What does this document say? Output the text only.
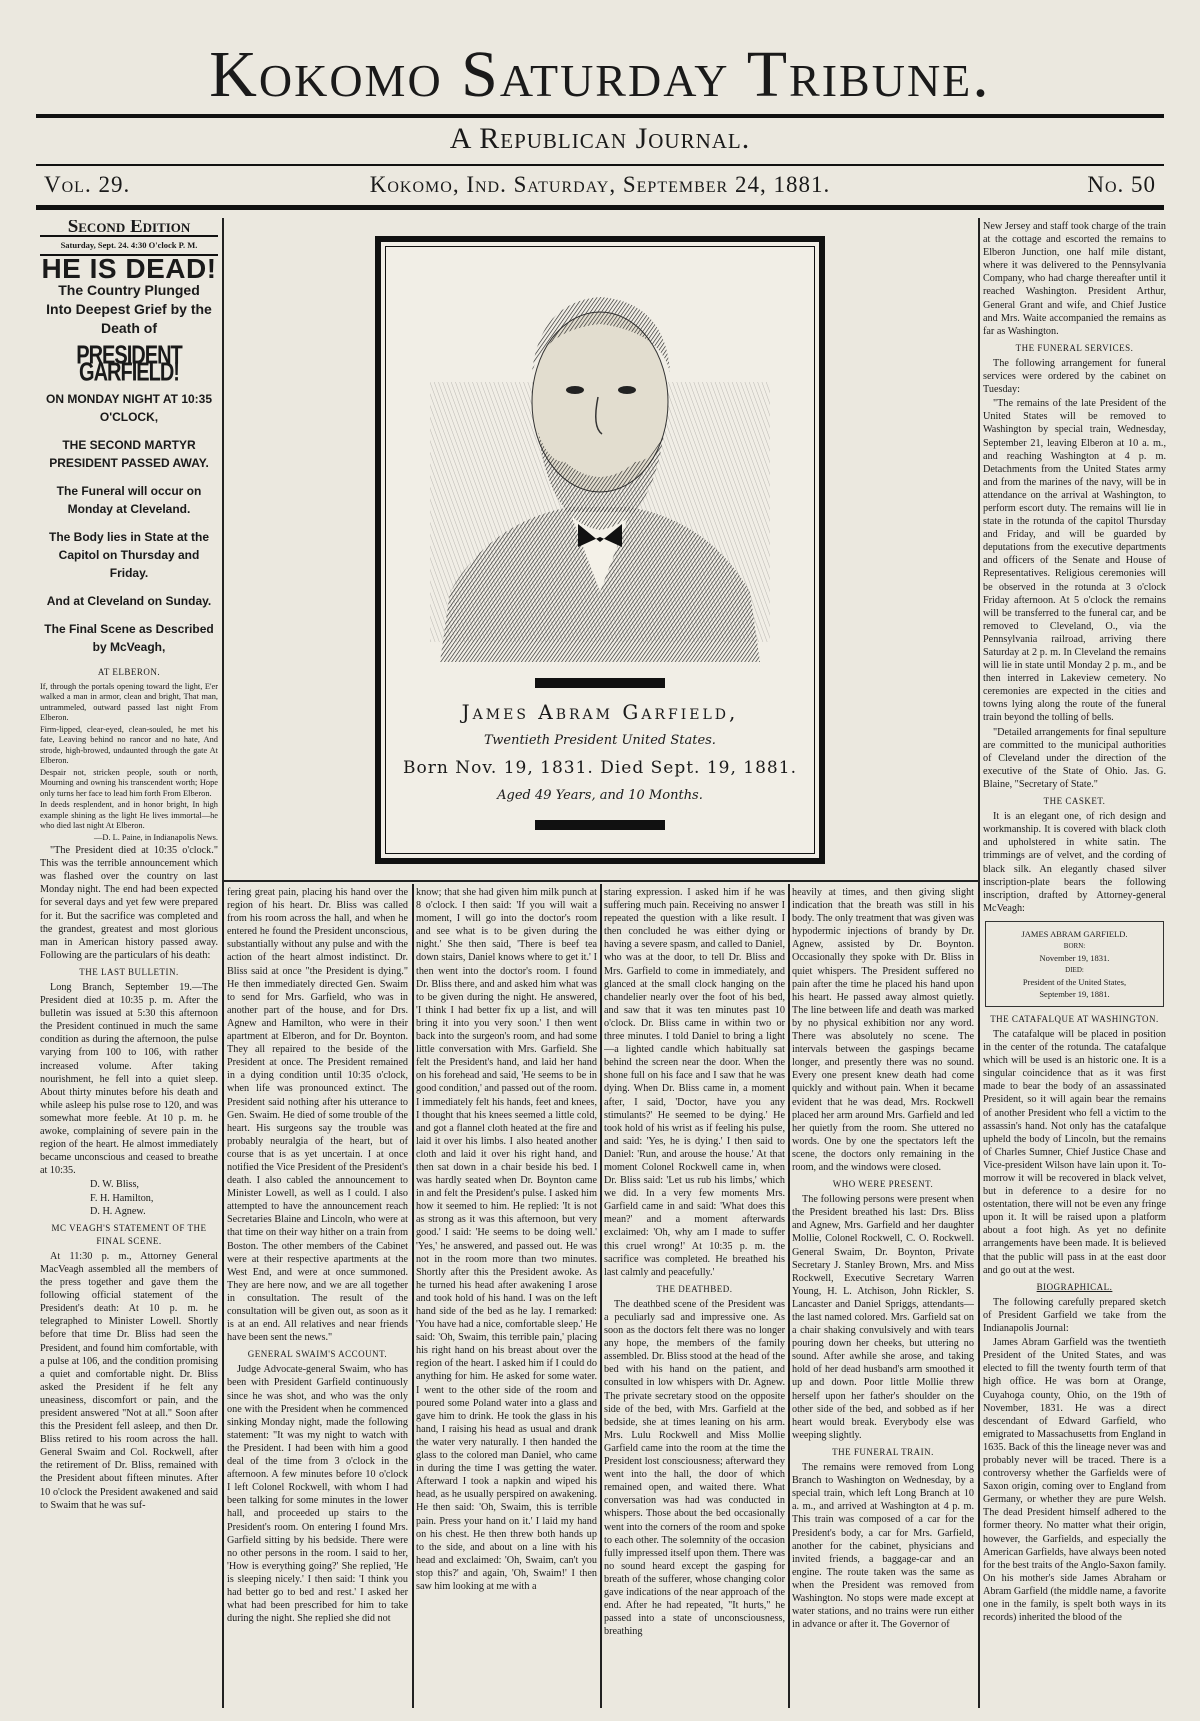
Kokomo Saturday Tribune.
A Republican Journal.
Vol. 29.	Kokomo, Ind. Saturday, September 24, 1881.	No. 50
Second Edition
Saturday, Sept. 24. 4:30 O'clock P. M.
HE IS DEAD!
The Country Plunged Into Deepest Grief by the Death of
PRESIDENT GARFIELD!
ON MONDAY NIGHT AT 10:35 O'CLOCK,
THE SECOND MARTYR PRESIDENT PASSED AWAY.
The Funeral will occur on Monday at Cleveland.
The Body lies in State at the Capitol on Thursday and Friday.
And at Cleveland on Sunday.
The Final Scene as Described by McVeagh,
AT ELBERON.

If, through the portals opening toward the light, E'er walked a man in armor, clean and bright, That man, untrammeled, outward passed last night From Elberon.

Firm-lipped, clear-eyed, clean-souled, he met his fate, Leaving behind no rancor and no hate, And strode, high-browed, undaunted through the gate At Elberon.

Despair not, stricken people, south or north, Mourning and owning his transcendent worth; Hope only turns her face to lead him forth From Elberon.

In deeds resplendent, and in honor bright, In high example shining as the light He lives immortal—he who died last night At Elberon.

—D. L. Paine, in Indianapolis News.

"The President died at 10:35 o'clock." This was the terrible announcement which was flashed over the country on last Monday night. The end had been expected for several days and yet few were prepared for it. But the sacrifice was completed and the grandest, greatest and most glorious man in American history passed away. Following are the particulars of his death:

THE LAST BULLETIN.

Long Branch, September 19.—The President died at 10:35 p. m. After the bulletin was issued at 5:30 this afternoon the President continued in much the same condition as during the afternoon, the pulse varying from 100 to 106, with rather increased volume. After taking nourishment, he fell into a quiet sleep. About thirty minutes before his death and while asleep his pulse rose to 120, and was somewhat more feeble. At 10 p. m. he awoke, complaining of severe pain in the region of the heart. He almost immediately became unconscious and ceased to breathe at 10:35.

D. W. Bliss,
F. H. Hamilton,
D. H. Agnew.
MC VEAGH'S STATEMENT OF THE FINAL SCENE.

At 11:30 p. m., Attorney General MacVeagh assembled all the members of the press together and gave them the following official statement of the President's death: At 10 p. m. he telegraphed to Minister Lowell. Shortly before that time Dr. Bliss had seen the President, and found him comfortable, with a pulse at 106, and the condition promising a quiet and comfortable night. Dr. Bliss asked the President if he felt any uneasiness, discomfort or pain, and the president answered "Not at all." Soon after this the President fell asleep, and then Dr. Bliss retired to his room across the hall. General Swaim and Col. Rockwell, after the retirement of Dr. Bliss, remained with the President about fifteen minutes. After 10 o'clock the President awakened and said to Swaim that he was suf-

James Abram Garfield,
Twentieth President United States.
Born Nov. 19, 1831. Died Sept. 19, 1881.
Aged 49 Years, and 10 Months.

New Jersey and staff took charge of the train at the cottage and escorted the remains to Elberon Junction, one half mile distant, where it was delivered to the Pennsylvania Company, who had charge thereafter until it reached Washington. President Arthur, General Grant and wife, and Chief Justice and Mrs. Waite accompanied the remains as far as Washington.

THE FUNERAL SERVICES.

The following arrangement for funeral services were ordered by the cabinet on Tuesday:

"The remains of the late President of the United States will be removed to Washington by special train, Wednesday, September 21, leaving Elberon at 10 a. m., and reaching Washington at 4 p. m. Detachments from the United States army and from the marines of the navy, will be in attendance on the arrival at Washington, to perform escort duty. The remains will lie in state in the rotunda of the capitol Thursday and Friday, and will be guarded by deputations from the executive departments and officers of the Senate and House of Representatives. Religious ceremonies will be observed in the rotunda at 3 o'clock Friday afternoon. At 5 o'clock the remains will be transferred to the funeral car, and be removed to Cleveland, O., via the Pennsylvania railroad, arriving there Saturday at 2 p. m. In Cleveland the remains will lie in state until Monday 2 p. m., and be then interred in Lakeview cemetery. No ceremonies are expected in the cities and towns lying along the route of the funeral train beyond the tolling of bells.

"Detailed arrangements for final sepulture are committed to the municipal authorities of Cleveland under the direction of the executive of the State of Ohio. Jas. G. Blaine, "Secretary of State."

THE CASKET.

It is an elegant one, of rich design and workmanship. It is covered with black cloth and upholstered in white satin. The trimmings are of velvet, and the cording of black silk. An elegantly chased silver inscription-plate bears the following inscription, drafted by Attorney-general McVeagh:

JAMES ABRAM GARFIELD.
BORN:
November 19, 1831.
DIED:
President of the United States,
September 19, 1881.
THE CATAFALQUE AT WASHINGTON.

The catafalque will be placed in position in the center of the rotunda. The catafalque which will be used is an historic one. It is a singular coincidence that as it was first made to bear the body of an assassinated President, so it will again bear the remains of another President who fell a victim to the assassin's hand. Not only has the catafalque upheld the body of Lincoln, but the remains of Charles Sumner, Chief Justice Chase and Vice-president Wilson have lain upon it. To-morrow it will be recovered in black velvet, but in deference to a desire for no ostentation, there will not be even any fringe upon it. It will be raised upon a platform about a foot high. As yet no definite arrangements have been made. It is believed that the public will pass in at the east door and go out at the west.

BIOGRAPHICAL.

The following carefully prepared sketch of President Garfield we take from the Indianapolis Journal:

James Abram Garfield was the twentieth President of the United States, and was elected to fill the twenty fourth term of that high office. He was born at Orange, Cuyahoga county, Ohio, on the 19th of November, 1831. He was a direct descendant of Edward Garfield, who emigrated to Massachusetts from England in 1635. Back of this the lineage never was and probably never will be traced. There is a controversy whether the Garfields were of Saxon origin, coming over to England from Germany, or whether they are pure Welsh. The dead President himself adhered to the former theory. No matter what their origin, however, the Garfields, and especially the American Garfields, have always been noted for the best traits of the Anglo-Saxon family. On his mother's side James Abraham or Abram Garfield (the middle name, a favorite one in the family, is spelt both ways in its records) inherited the blood of the

fering great pain, placing his hand over the region of his heart. Dr. Bliss was called from his room across the hall, and when he entered he found the President unconscious, substantially without any pulse and with the action of the heart almost indistinct. Dr. Bliss said at once "the President is dying." He then immediately directed Gen. Swaim to send for Mrs. Garfield, who was in another part of the house, and for Drs. Agnew and Hamilton, who were in their apartment at Elberon, and for Dr. Boynton. They all repaired to the beside of the President at once. The President remained in a dying condition until 10:35 o'clock, when life was pronounced extinct. The President said nothing after his utterance to Gen. Swaim. He died of some trouble of the heart. His surgeons say the trouble was probably neuralgia of the heart, but of course that is as yet uncertain. I at once notified the Vice President of the President's death. I also cabled the announcement to Minister Lowell, as well as I could. I also attempted to have the announcement reach Secretaries Blaine and Lincoln, who were at that time on their way hither on a train from Boston. The other members of the Cabinet were at their respective apartments at the West End, and were at once summoned. They are here now, and we are all together in consultation. The result of the consultation will be given out, as soon as it is at an end. All relatives and near friends have been sent the news."

GENERAL SWAIM'S ACCOUNT.

Judge Advocate-general Swaim, who has been with President Garfield continuously since he was shot, and who was the only one with the President when he commenced sinking Monday night, made the following statement: "It was my night to watch with the President. I had been with him a good deal of the time from 3 o'clock in the afternoon. A few minutes before 10 o'clock I left Colonel Rockwell, with whom I had been talking for some minutes in the lower hall, and proceeded up stairs to the President's room. On entering I found Mrs. Garfield sitting by his bedside. There were no other persons in the room. I said to her, 'How is everything going?' She replied, 'He is sleeping nicely.' I then said: 'I think you had better go to bed and rest.' I asked her what had been prescribed for him to take during the night. She replied she did not

know; that she had given him milk punch at 8 o'clock. I then said: 'If you will wait a moment, I will go into the doctor's room and see what is to be given during the night.' She then said, 'There is beef tea down stairs, Daniel knows where to get it.' I then went into the doctor's room. I found Dr. Bliss there, and and asked him what was to be given during the night. He answered, 'I think I had better fix up a list, and will bring it into you very soon.' I then went back into the surgeon's room, and had some little conversation with Mrs. Garfield. She felt the President's hand, and laid her hand on his forehead and said, 'He seems to be in good condition,' and passed out of the room. I immediately felt his hands, feet and knees, I thought that his knees seemed a little cold, and got a flannel cloth heated at the fire and laid it over his limbs. I also heated another cloth and laid it over his right hand, and then sat down in a chair beside his bed. I was hardly seated when Dr. Boynton came in and felt the President's pulse. I asked him how it seemed to him. He replied: 'It is not as strong as it was this afternoon, but very good.' I said: 'He seems to be doing well.' 'Yes,' he answered, and passed out. He was not in the room more than two minutes. Shortly after this the President awoke. As he turned his head after awakening I arose and took hold of his hand. I was on the left hand side of the bed as he lay. I remarked: 'You have had a nice, comfortable sleep.' He said: 'Oh, Swaim, this terrible pain,' placing his right hand on his breast about over the region of the heart. I asked him if I could do anything for him. He asked for some water. I went to the other side of the room and poured some Poland water into a glass and gave him to drink. He took the glass in his hand, I raising his head as usual and drank the water very naturally. I then handed the glass to the colored man Daniel, who came in during the time I was getting the water. Afterward I took a napkin and wiped his head, as he usually perspired on awakening. He then said: 'Oh, Swaim, this is terrible pain. Press your hand on it.' I laid my hand on his chest. He then threw both hands up to the side, and about on a line with his head and exclaimed: 'Oh, Swaim, can't you stop this?' and again, 'Oh, Swaim!' I then saw him looking at me with a

staring expression. I asked him if he was suffering much pain. Receiving no answer I repeated the question with a like result. I then concluded he was either dying or having a severe spasm, and called to Daniel, who was at the door, to tell Dr. Bliss and Mrs. Garfield to come in immediately, and glanced at the small clock hanging on the chandelier nearly over the foot of his bed, and saw that it was ten minutes past 10 o'clock. Dr. Bliss came in within two or three minutes. I told Daniel to bring a light—a lighted candle which habitually sat behind the screen near the door. When the shone full on his face and I saw that he was dying. When Dr. Bliss came in, a moment after, I said, 'Doctor, have you any stimulants?' He seemed to be dying.' He took hold of his wrist as if feeling his pulse, and said: 'Yes, he is dying.' I then said to Daniel: 'Run, and arouse the house.' At that moment Colonel Rockwell came in, when Dr. Bliss said: 'Let us rub his limbs,' which we did. In a very few moments Mrs. Garfield came in and said: 'What does this mean?' and a moment afterwards exclaimed: 'Oh, why am I made to suffer this cruel wrong!' At 10:35 p. m. the sacrifice was completed. He breathed his last calmly and peacefully.'

THE DEATHBED.

The deathbed scene of the President was a peculiarly sad and impressive one. As soon as the doctors felt there was no longer any hope, the members of the family assembled. Dr. Bliss stood at the head of the bed with his hand on the patient, and consulted in low whispers with Dr. Agnew. The private secretary stood on the opposite side of the bed, with Mrs. Garfield at the bedside, she at times leaning on his arm. Mrs. Lulu Rockwell and Miss Mollie Garfield came into the room at the time the President lost consciousness; afterward they went into the hall, the door of which remained open, and waited there. What conversation was had was conducted in whispers. Those about the bed occasionally went into the corners of the room and spoke to each other. The solemnity of the occasion fully impressed itself upon them. There was no sound heard except the gasping for breath of the sufferer, whose changing color gave indications of the near approach of the end. After he had repeated, "It hurts," he passed into a state of unconsciousness, breathing

heavily at times, and then giving slight indication that the breath was still in his body. The only treatment that was given was hypodermic injections of brandy by Dr. Agnew, assisted by Dr. Boynton. Occasionally they spoke with Dr. Bliss in quiet whispers. The President suffered no pain after the time he placed his hand upon his heart. He passed away almost quietly. The line between life and death was marked by no physical exhibition nor any word. There was absolutely no scene. The intervals between the gaspings became longer, and presently there was no sound. Every one present knew death had come quickly and without pain. When it became evident that he was dead, Mrs. Rockwell placed her arm around Mrs. Garfield and led her quietly from the room. She uttered no words. One by one the spectators left the scene, the doctors only remaining in the room, and the windows were closed.

WHO WERE PRESENT.

The following persons were present when the President breathed his last: Drs. Bliss and Agnew, Mrs. Garfield and her daughter Mollie, Colonel Rockwell, C. O. Rockwell. General Swaim, Dr. Boynton, Private Secretary J. Stanley Brown, Mrs. and Miss Rockwell, Executive Secretary Warren Young, H. L. Atchison, John Rickler, S. Lancaster and Daniel Spriggs, attendants—the last named colored. Mrs. Garfield sat on a chair shaking convulsively and with tears pouring down her cheeks, but uttering no sound. After awhile she arose, and taking hold of her dead husband's arm smoothed it up and down. Poor little Mollie threw herself upon her father's shoulder on the other side of the bed, and sobbed as if her heart would break. Everybody else was weeping slightly.

THE FUNERAL TRAIN.

The remains were removed from Long Branch to Washington on Wednesday, by a special train, which left Long Branch at 10 a. m., and arrived at Washington at 4 p. m. This train was composed of a car for the President's body, a car for Mrs. Garfield, another for the cabinet, physicians and invited friends, a baggage-car and an engine. The route taken was the same as when the President was removed from Washington. No stops were made except at water stations, and no trains were run either in advance or after it. The Governor of
